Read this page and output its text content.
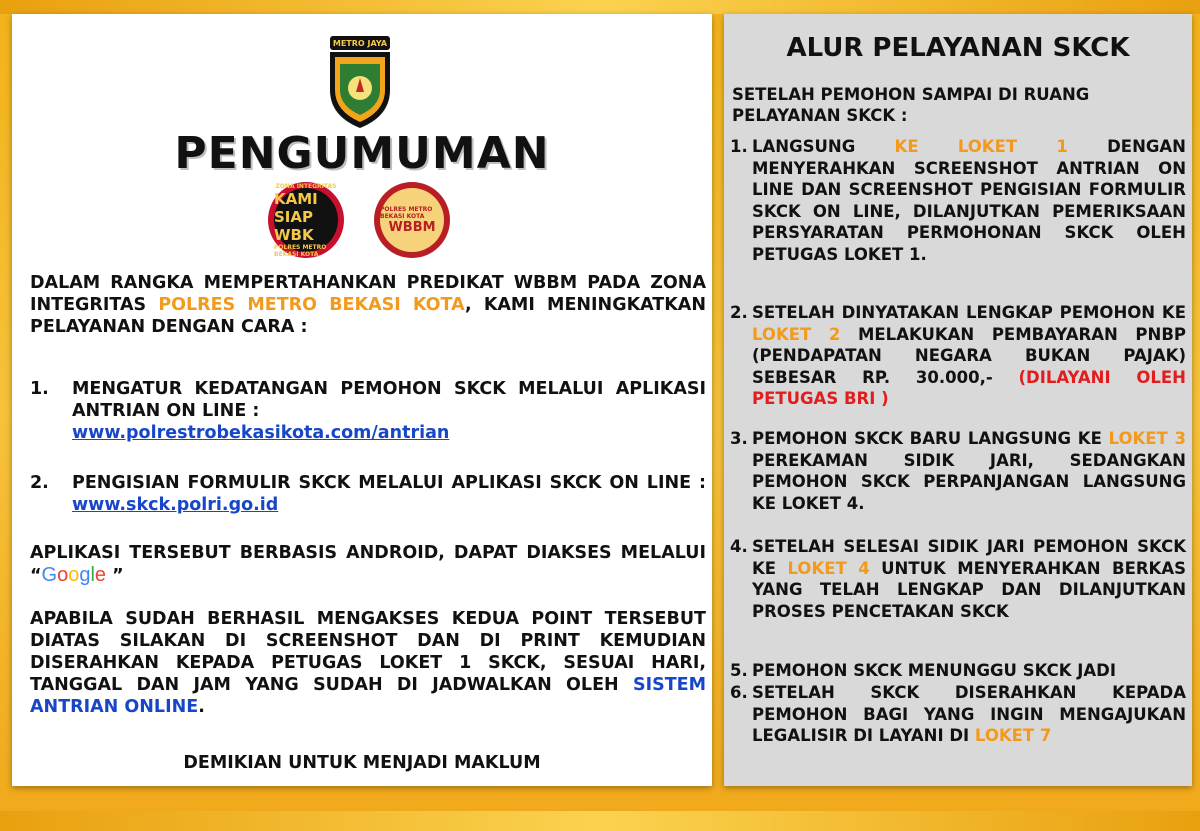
METRO JAYA
PENGUMUMAN
ZONA INTEGRITAS
KAMI SIAP WBK
POLRES METRO BEKASI KOTA
POLRES METRO BEKASI KOTA
WBBM
DALAM RANGKA MEMPERTAHANKAN PREDIKAT WBBM PADA ZONA INTEGRITAS POLRES METRO BEKASI KOTA, KAMI MENINGKATKAN PELAYANAN DENGAN CARA :
1.	MENGATUR KEDATANGAN PEMOHON SKCK MELALUI APLIKASI ANTRIAN ON LINE :
www.polrestrobekasikota.com/antrian
2.	PENGISIAN FORMULIR SKCK MELALUI APLIKASI SKCK ON LINE : www.skck.polri.go.id
APLIKASI TERSEBUT BERBASIS ANDROID, DAPAT DIAKSES MELALUI “Google ”
APABILA SUDAH BERHASIL MENGAKSES KEDUA POINT TERSEBUT DIATAS SILAKAN DI SCREENSHOT DAN DI PRINT KEMUDIAN DISERAHKAN KEPADA PETUGAS LOKET 1 SKCK, SESUAI HARI, TANGGAL DAN JAM YANG SUDAH DI JADWALKAN OLEH SISTEM ANTRIAN ONLINE.
DEMIKIAN UNTUK MENJADI MAKLUM
ALUR PELAYANAN SKCK
SETELAH PEMOHON SAMPAI DI RUANG PELAYANAN SKCK :
1. LANGSUNG KE LOKET 1 DENGAN MENYERAHKAN SCREENSHOT ANTRIAN ON LINE DAN SCREENSHOT PENGISIAN FORMULIR SKCK ON LINE, DILANJUTKAN PEMERIKSAAN PERSYARATAN PERMOHONAN SKCK OLEH PETUGAS LOKET 1.
2. SETELAH DINYATAKAN LENGKAP PEMOHON KE LOKET 2 MELAKUKAN PEMBAYARAN PNBP (PENDAPATAN NEGARA BUKAN PAJAK) SEBESAR RP. 30.000,- (DILAYANI OLEH PETUGAS BRI )
3. PEMOHON SKCK BARU LANGSUNG KE LOKET 3 PEREKAMAN SIDIK JARI, SEDANGKAN PEMOHON SKCK PERPANJANGAN LANGSUNG KE LOKET 4.
4. SETELAH SELESAI SIDIK JARI PEMOHON SKCK KE LOKET 4 UNTUK MENYERAHKAN BERKAS YANG TELAH LENGKAP DAN DILANJUTKAN PROSES PENCETAKAN SKCK
5. PEMOHON SKCK MENUNGGU SKCK JADI
6. SETELAH SKCK DISERAHKAN KEPADA PEMOHON BAGI YANG INGIN MENGAJUKAN LEGALISIR DI LAYANI DI LOKET 7
